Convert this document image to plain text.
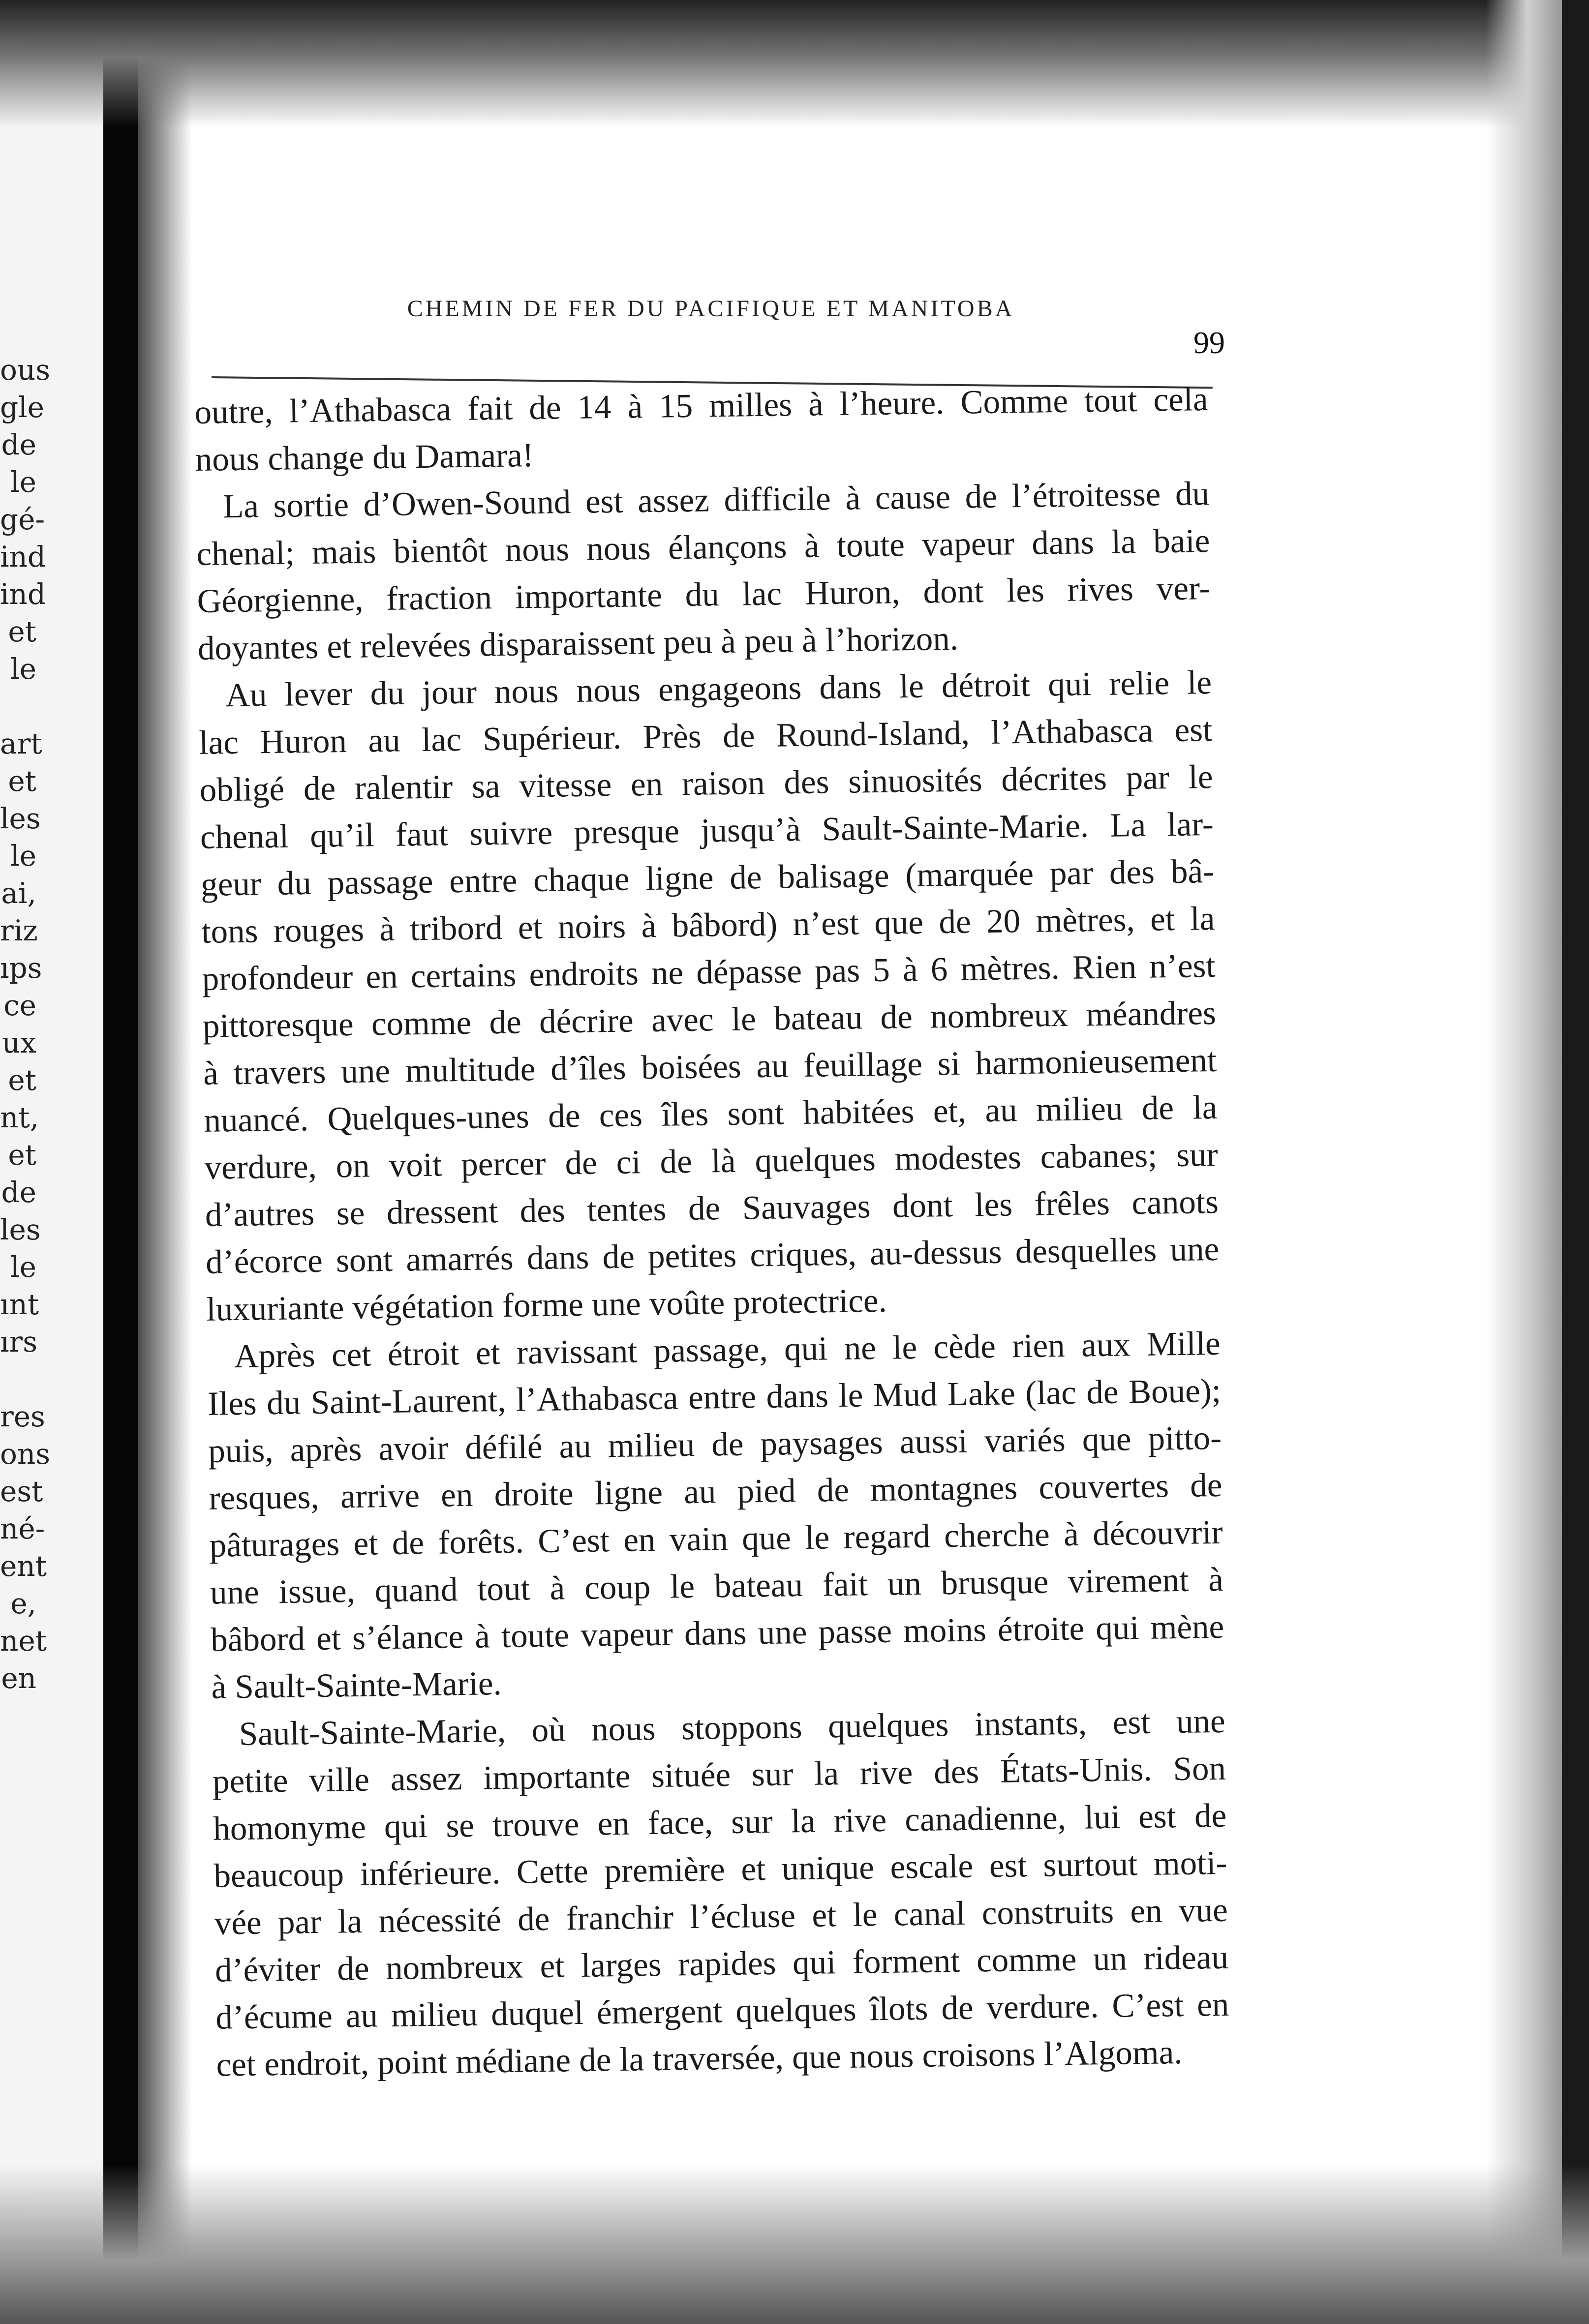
ous
gle
de
le
gé-
ind
ind
et
le
art
et
les
le
ai,
riz
ıps
ce
ux
et
nt,
et
de
les
le
ınt
ırs
res
ons
est
né-
ent
e,
net
en
CHEMIN DE FER DU PACIFIQUE ET MANITOBA
99
outre, l’Athabasca fait de 14 à 15 milles à l’heure. Comme tout cela
nous change du Damara!
La sortie d’Owen-Sound est assez difficile à cause de l’étroitesse du
chenal; mais bientôt nous nous élançons à toute vapeur dans la baie
Géorgienne, fraction importante du lac Huron, dont les rives ver-
doyantes et relevées disparaissent peu à peu à l’horizon.
Au lever du jour nous nous engageons dans le détroit qui relie le
lac Huron au lac Supérieur. Près de Round-Island, l’Athabasca est
obligé de ralentir sa vitesse en raison des sinuosités décrites par le
chenal qu’il faut suivre presque jusqu’à Sault-Sainte-Marie. La lar-
geur du passage entre chaque ligne de balisage (marquée par des bâ-
tons rouges à tribord et noirs à bâbord) n’est que de 20 mètres, et la
profondeur en certains endroits ne dépasse pas 5 à 6 mètres. Rien n’est
pittoresque comme de décrire avec le bateau de nombreux méandres
à travers une multitude d’îles boisées au feuillage si harmonieusement
nuancé. Quelques-unes de ces îles sont habitées et, au milieu de la
verdure, on voit percer de ci de là quelques modestes cabanes; sur
d’autres se dressent des tentes de Sauvages dont les frêles canots
d’écorce sont amarrés dans de petites criques, au-dessus desquelles une
luxuriante végétation forme une voûte protectrice.
Après cet étroit et ravissant passage, qui ne le cède rien aux Mille
Iles du Saint-Laurent, l’Athabasca entre dans le Mud Lake (lac de Boue);
puis, après avoir défilé au milieu de paysages aussi variés que pitto-
resques, arrive en droite ligne au pied de montagnes couvertes de
pâturages et de forêts. C’est en vain que le regard cherche à découvrir
une issue, quand tout à coup le bateau fait un brusque virement à
bâbord et s’élance à toute vapeur dans une passe moins étroite qui mène
à Sault-Sainte-Marie.
Sault-Sainte-Marie, où nous stoppons quelques instants, est une
petite ville assez importante située sur la rive des États-Unis. Son
homonyme qui se trouve en face, sur la rive canadienne, lui est de
beaucoup inférieure. Cette première et unique escale est surtout moti-
vée par la nécessité de franchir l’écluse et le canal construits en vue
d’éviter de nombreux et larges rapides qui forment comme un rideau
d’écume au milieu duquel émergent quelques îlots de verdure. C’est en
cet endroit, point médiane de la traversée, que nous croisons l’Algoma.
